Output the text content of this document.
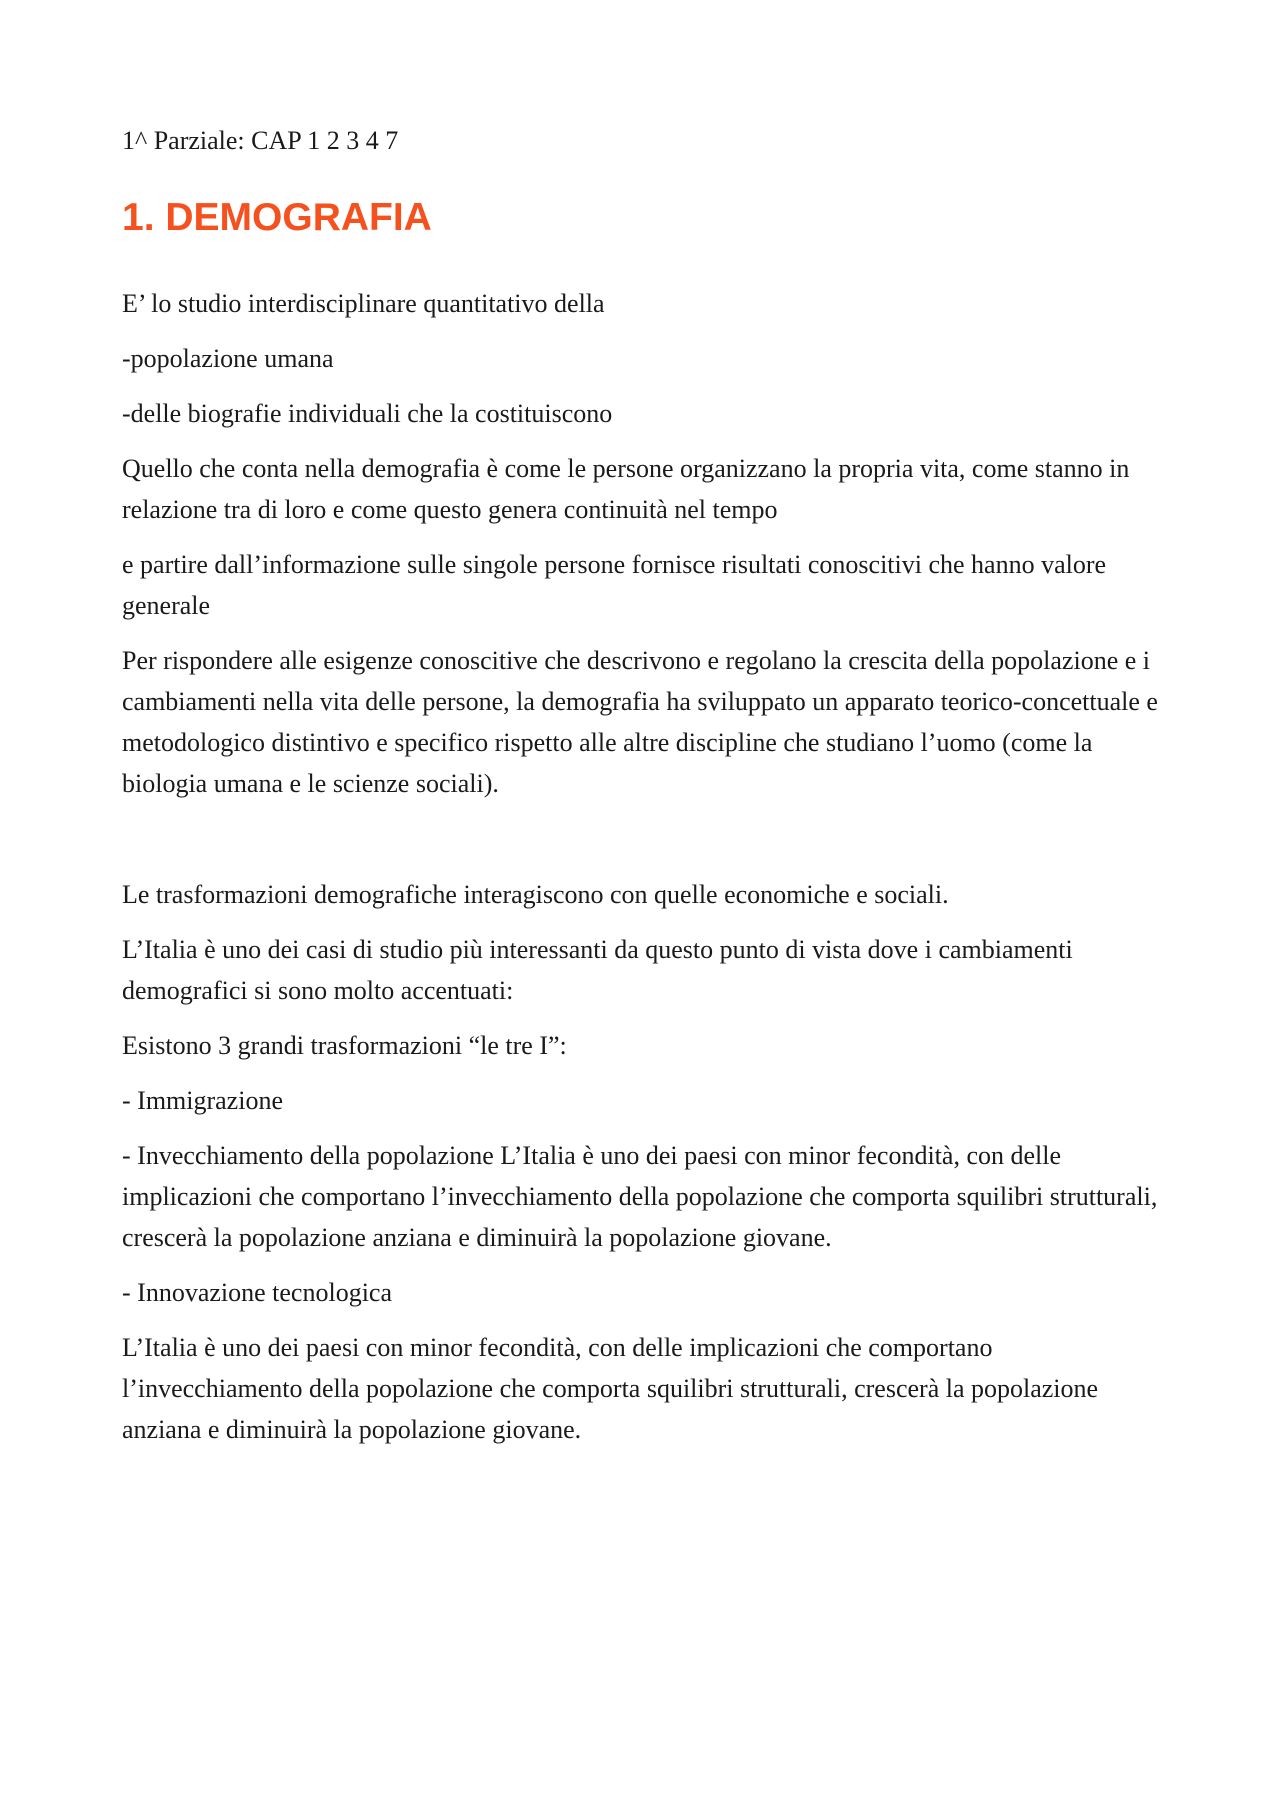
1^ Parziale: CAP 1 2 3 4 7
1. DEMOGRAFIA

E’ lo studio interdisciplinare quantitativo della

-popolazione umana

-delle biografie individuali che la costituiscono

Quello che conta nella demografia è come le persone organizzano la propria vita, come stanno in relazione tra di loro e come questo genera continuità nel tempo

e partire dall’informazione sulle singole persone fornisce risultati conoscitivi che hanno valore generale

Per rispondere alle esigenze conoscitive che descrivono e regolano la crescita della popolazione e i cambiamenti nella vita delle persone, la demografia ha sviluppato un apparato teorico-concettuale e metodologico distintivo e specifico rispetto alle altre discipline che studiano l’uomo (come la biologia umana e le scienze sociali).

Le trasformazioni demografiche interagiscono con quelle economiche e sociali.

L’Italia è uno dei casi di studio più interessanti da questo punto di vista dove i cambiamenti demografici si sono molto accentuati:

Esistono 3 grandi trasformazioni “le tre I”:

- Immigrazione

- Invecchiamento della popolazione L’Italia è uno dei paesi con minor fecondità, con delle implicazioni che comportano l’invecchiamento della popolazione che comporta squilibri strutturali, crescerà la popolazione anziana e diminuirà la popolazione giovane.

- Innovazione tecnologica

L’Italia è uno dei paesi con minor fecondità, con delle implicazioni che comportano l’invecchiamento della popolazione che comporta squilibri strutturali, crescerà la popolazione anziana e diminuirà la popolazione giovane.
